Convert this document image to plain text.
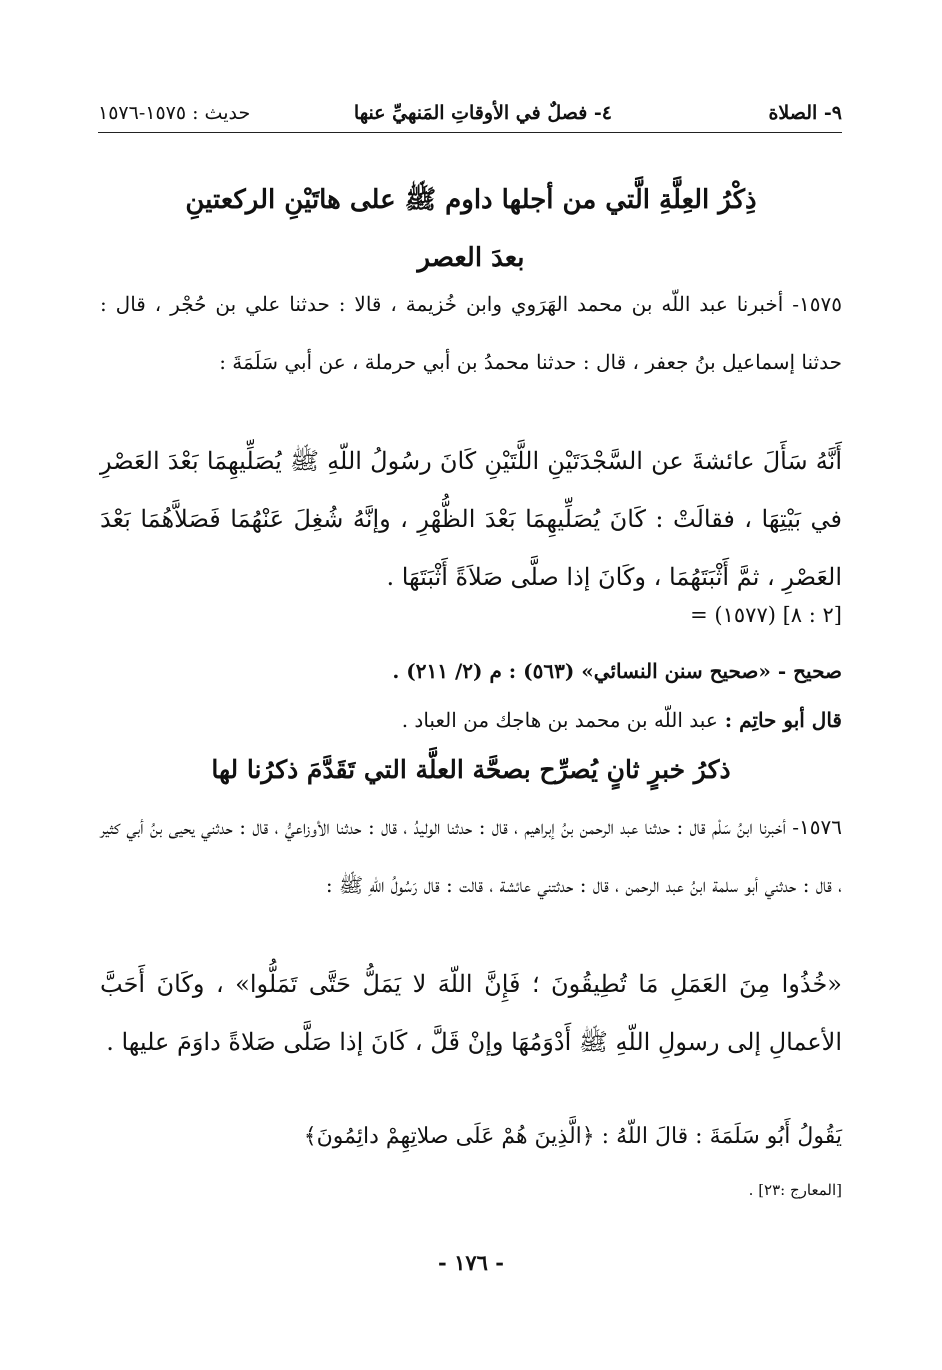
٩- الصلاة
٤- فصلٌ في الأوقاتِ المَنهيِّ عنها
حديث : ١٥٧٥-١٥٧٦
ذِكْرُ العِلَّةِ الَّتي من أجلها داوم ﷺ على هاتَيْنِ الركعتينِ
بعدَ العصر
١٥٧٥- أخبرنا عبد اللّه بن محمد الهَرَوي وابن خُزيمة ، قالا : حدثنا علي بن حُجْر ، قال : حدثنا إسماعيل بنُ جعفر ، قال : حدثنا محمدُ بن أبي حرملة ، عن أبي سَلَمَةَ :
أَنَّهُ سَأَلَ عائشةَ عن السَّجْدَتَيْنِ اللَّتَيْنِ كَانَ رسُولُ اللّهِ ﷺ يُصَلِّيهِمَا بَعْدَ العَصْرِ في بَيْتِهَا ، فقالَتْ : كَانَ يُصَلِّيهِمَا بَعْدَ الظُّهْرِ ، وإنَّهُ شُغِلَ عَنْهُمَا فَصَلاَّهُمَا بَعْدَ العَصْرِ ، ثمَّ أَثْبَتَهُمَا ، وكَانَ إذا صلَّى صَلاَةً أَثْبَتَهَا .
= (١٥٧٧) [٢ : ٨]
صحيح - «صحيح سنن النسائي» (٥٦٣) : م (٢/ ٢١١) .
قال أبو حاتِم : عبد اللّه بن محمد بن هاجك من العباد .
ذكرُ خبرٍ ثانٍ يُصرِّح بصحَّة العلَّة التي تَقَدَّمَ ذكرُنا لها
١٥٧٦- أخبرنا ابنُ سَلْم قال : حدثنا عبد الرحمن بنُ إبراهيم ، قال : حدثنا الوليدُ ، قال : حدثنا الأوزاعيُّ ، قال : حدثني يحيى بنُ أبي كثير ، قال : حدثني أبو سلمة ابنُ عبد الرحمن ، قال : حدثتني عائشة ، قالت : قال رَسُولُ اللّهِ ﷺ :
«خُذُوا مِنَ العَمَلِ مَا تُطِيقُونَ ؛ فَإِنَّ اللّهَ لا يَمَلُّ حَتَّى تَمَلُّوا» ، وكَانَ أَحَبَّ الأعمالِ إلى رسولِ اللّهِ ﷺ أَدْوَمُهَا وإنْ قَلَّ ، كَانَ إذا صَلَّى صَلاةً داوَمَ عليها .
يَقُولُ أَبُو سَلَمَةَ : قالَ اللّهُ : ﴿الَّذِينَ هُمْ عَلَى صلاتِهِمْ دائِمُونَ﴾
[المعارج :٢٣] .
- ١٧٦ -
